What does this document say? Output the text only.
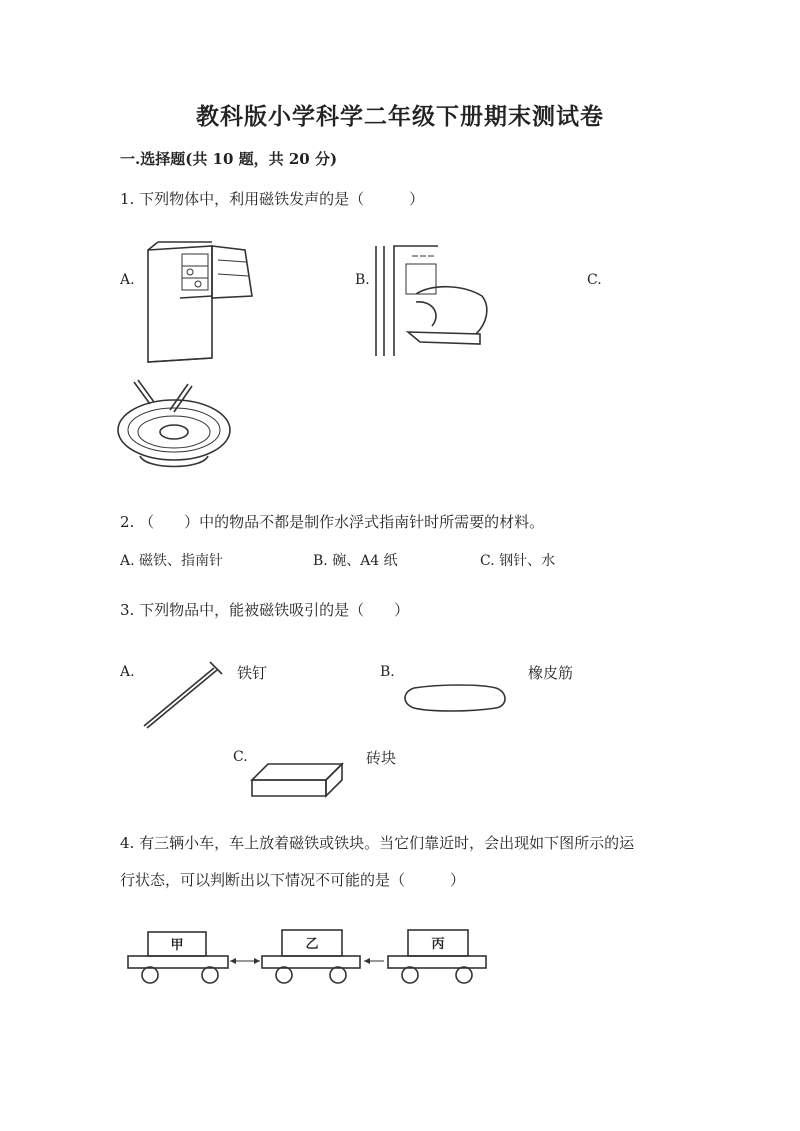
教科版小学科学二年级下册期末测试卷
一.选择题(共 10 题，共 20 分)
1. 下列物体中，利用磁铁发声的是（　　　）
A.	B.	C.
2. （　　）中的物品不都是制作水浮式指南针时所需要的材料。
A. 磁铁、指南针	B. 碗、A4 纸	C. 钢针、水
3. 下列物品中，能被磁铁吸引的是（　　）
A.	铁钉	B.	橡皮筋
C.	砖块
4. 有三辆小车，车上放着磁铁或铁块。当它们靠近时，会出现如下图所示的运
行状态，可以判断出以下情况不可能的是（　　　）
甲	乙	丙
